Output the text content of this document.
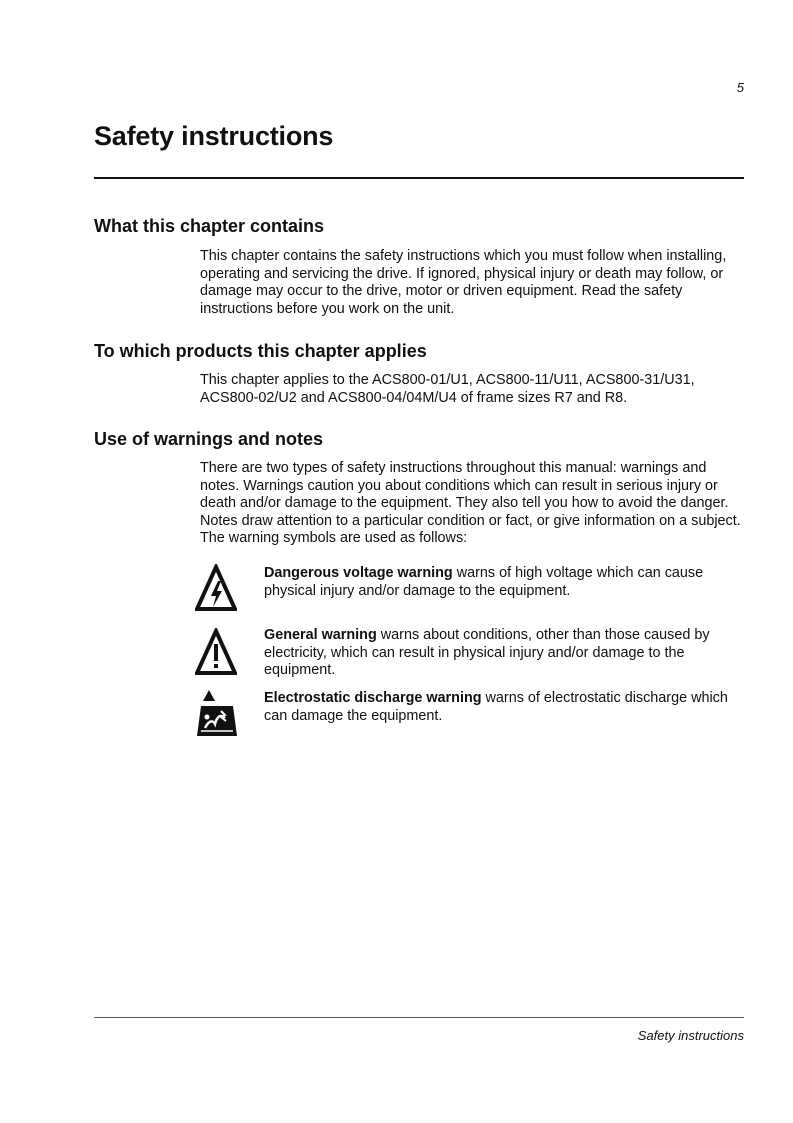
5
Safety instructions
What this chapter contains

This chapter contains the safety instructions which you must follow when installing, operating and servicing the drive. If ignored, physical injury or death may follow, or damage may occur to the drive, motor or driven equipment. Read the safety instructions before you work on the unit.

To which products this chapter applies

This chapter applies to the ACS800-01/U1, ACS800-11/U11, ACS800-31/U31, ACS800-02/U2 and ACS800-04/04M/U4 of frame sizes R7 and R8.

Use of warnings and notes

There are two types of safety instructions throughout this manual: warnings and notes. Warnings caution you about conditions which can result in serious injury or death and/or damage to the equipment. They also tell you how to avoid the danger. Notes draw attention to a particular condition or fact, or give information on a subject. The warning symbols are used as follows:

Dangerous voltage warning warns of high voltage which can cause physical injury and/or damage to the equipment.

General warning warns about conditions, other than those caused by electricity, which can result in physical injury and/or damage to the equipment.

Electrostatic discharge warning warns of electrostatic discharge which can damage the equipment.

Safety instructions
